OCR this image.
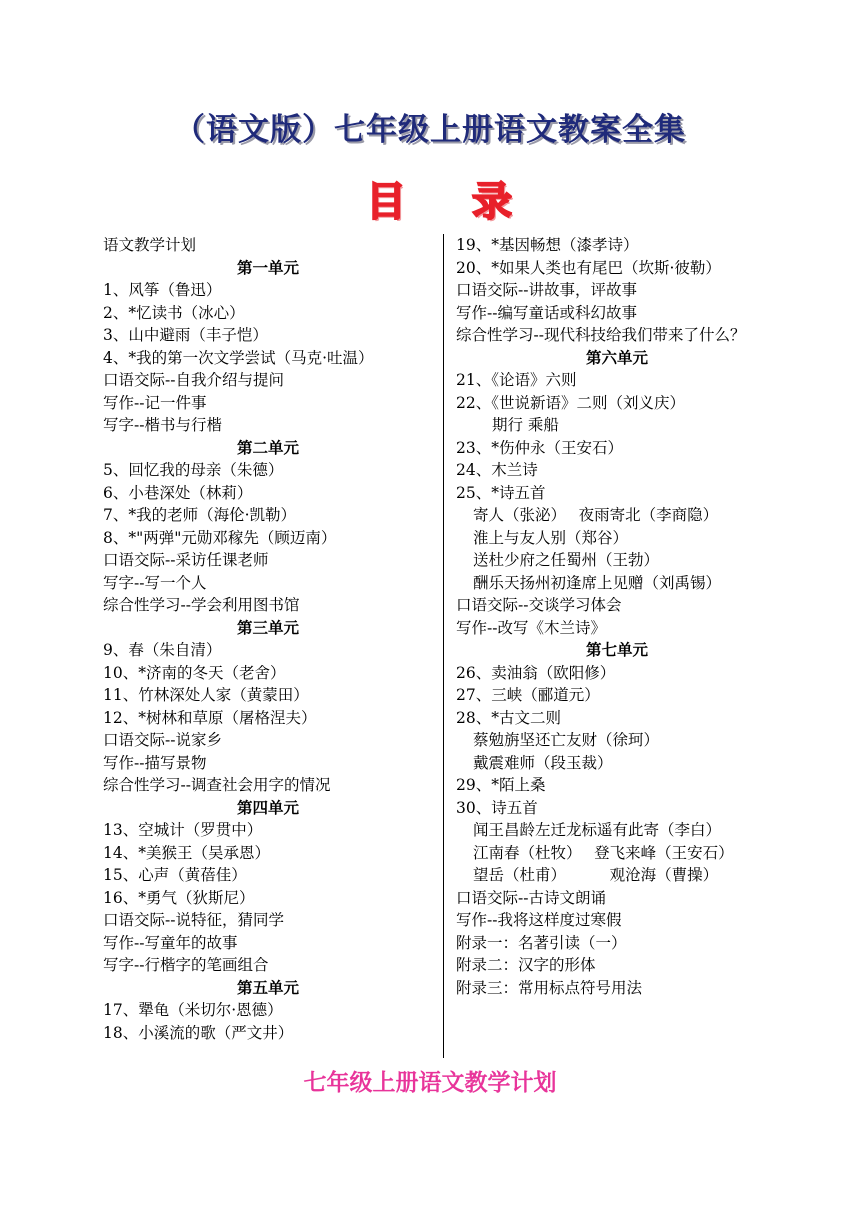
（语文版）七年级上册语文教案全集
目 录
语文教学计划
第一单元
1、风筝（鲁迅）
2、*忆读书（冰心）
3、山中避雨（丰子恺）
4、*我的第一次文学尝试（马克·吐温）
口语交际--自我介绍与提问
写作--记一件事
写字--楷书与行楷
第二单元
5、回忆我的母亲（朱德）
6、小巷深处（林莉）
7、*我的老师（海伦·凯勒）
8、*"两弹"元勋邓稼先（顾迈南）
口语交际--采访任课老师
写字--写一个人
综合性学习--学会利用图书馆
第三单元
9、春（朱自清）
10、*济南的冬天（老舍）
11、竹林深处人家（黄蒙田）
12、*树林和草原（屠格涅夫）
口语交际--说家乡
写作--描写景物
综合性学习--调查社会用字的情况
第四单元
13、空城计（罗贯中）
14、*美猴王（吴承恩）
15、心声（黄蓓佳）
16、*勇气（狄斯尼）
口语交际--说特征，猜同学
写作--写童年的故事
写字--行楷字的笔画组合
第五单元
17、犟龟（米切尔·恩德）
18、小溪流的歌（严文井）
19、*基因畅想（漆孝诗）
20、*如果人类也有尾巴（坎斯·彼勒）
口语交际--讲故事，评故事
写作--编写童话或科幻故事
综合性学习--现代科技给我们带来了什么？
第六单元
21、《论语》六则
22、《世说新语》二则（刘义庆）
期行 乘船
23、*伤仲永（王安石）
24、木兰诗
25、*诗五首
寄人（张泌）　 夜雨寄北（李商隐）
淮上与友人别（郑谷）
送杜少府之任蜀州（王勃）
酬乐天扬州初逢席上见赠（刘禹锡）
口语交际--交谈学习体会
写作--改写《木兰诗》
第七单元
26、卖油翁（欧阳修）
27、三峡（郦道元）
28、*古文二则
蔡勉旃坚还亡友财（徐珂）
戴震难师（段玉裁）
29、*陌上桑
30、诗五首
闻王昌龄左迁龙标遥有此寄（李白）
江南春（杜牧）　 登飞来峰（王安石）
望岳（杜甫）　　　 观沧海（曹操）
口语交际--古诗文朗诵
写作--我将这样度过寒假
附录一：名著引读（一）
附录二：汉字的形体
附录三：常用标点符号用法
七年级上册语文教学计划
